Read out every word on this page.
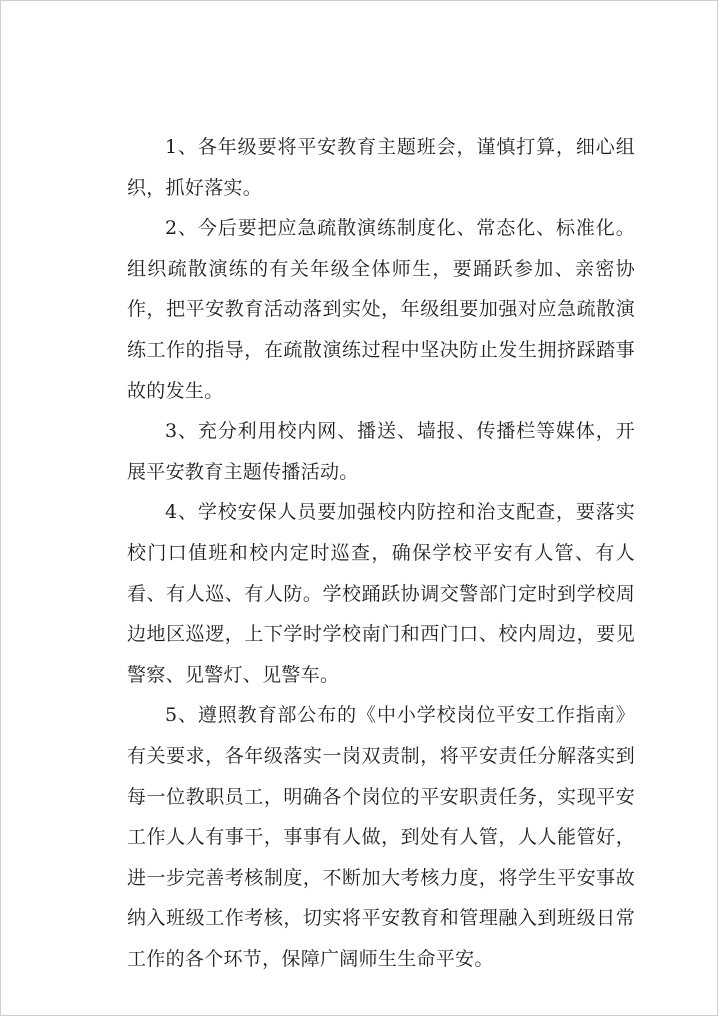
1、各年级要将平安教育主题班会，谨慎打算，细心组织，抓好落实。

2、今后要把应急疏散演练制度化、常态化、标准化。组织疏散演练的有关年级全体师生，要踊跃参加、亲密协作，把平安教育活动落到实处，年级组要加强对应急疏散演练工作的指导，在疏散演练过程中坚决防止发生拥挤踩踏事故的发生。

3、充分利用校内网、播送、墙报、传播栏等媒体，开展平安教育主题传播活动。

4、学校安保人员要加强校内防控和治支配查，要落实校门口值班和校内定时巡查，确保学校平安有人管、有人看、有人巡、有人防。学校踊跃协调交警部门定时到学校周边地区巡逻，上下学时学校南门和西门口、校内周边，要见警察、见警灯、见警车。

5、遵照教育部公布的《中小学校岗位平安工作指南》有关要求，各年级落实一岗双责制，将平安责任分解落实到每一位教职员工，明确各个岗位的平安职责任务，实现平安工作人人有事干，事事有人做，到处有人管，人人能管好，进一步完善考核制度，不断加大考核力度，将学生平安事故纳入班级工作考核，切实将平安教育和管理融入到班级日常工作的各个环节，保障广阔师生生命平安。
